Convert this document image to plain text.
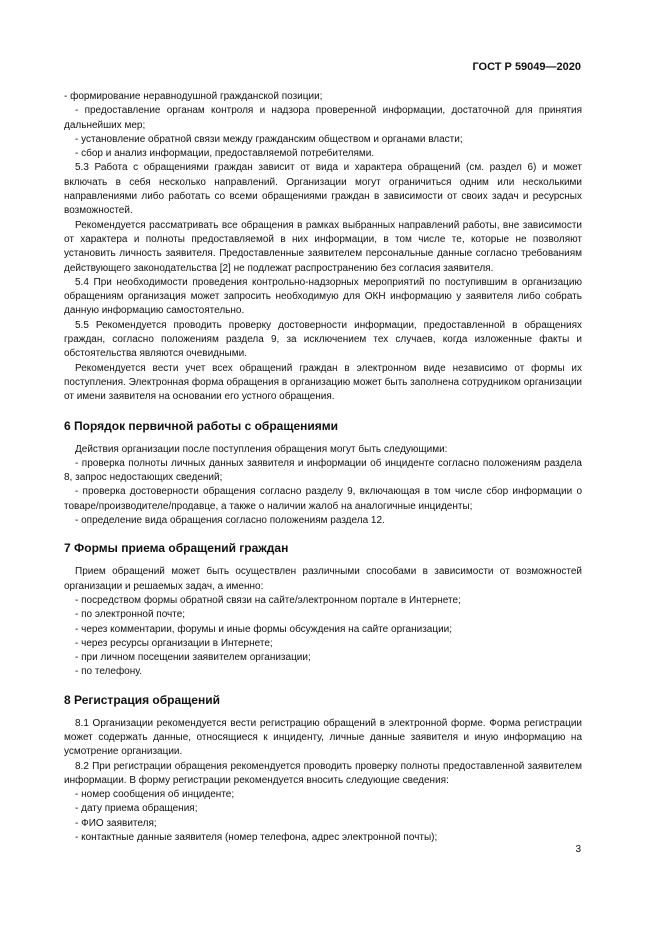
ГОСТ Р 59049—2020

- формирование неравнодушной гражданской позиции;

- предоставление органам контроля и надзора проверенной информации, достаточной для принятия дальнейших мер;

- установление обратной связи между гражданским обществом и органами власти;

- сбор и анализ информации, предоставляемой потребителями.

5.3 Работа с обращениями граждан зависит от вида и характера обращений (см. раздел 6) и может включать в себя несколько направлений. Организации могут ограничиться одним или несколькими направлениями либо работать со всеми обращениями граждан в зависимости от своих задач и ресурсных возможностей.

Рекомендуется рассматривать все обращения в рамках выбранных направлений работы, вне зависимости от характера и полноты предоставляемой в них информации, в том числе те, которые не позволяют установить личность заявителя. Предоставленные заявителем персональные данные согласно требованиям действующего законодательства [2] не подлежат распространению без согласия заявителя.

5.4 При необходимости проведения контрольно-надзорных мероприятий по поступившим в организацию обращениям организация может запросить необходимую для ОКН информацию у заявителя либо собрать данную информацию самостоятельно.

5.5 Рекомендуется проводить проверку достоверности информации, предоставленной в обращениях граждан, согласно положениям раздела 9, за исключением тех случаев, когда изложенные факты и обстоятельства являются очевидными.

Рекомендуется вести учет всех обращений граждан в электронном виде независимо от формы их поступления. Электронная форма обращения в организацию может быть заполнена сотрудником организации от имени заявителя на основании его устного обращения.

6 Порядок первичной работы с обращениями

Действия организации после поступления обращения могут быть следующими:

- проверка полноты личных данных заявителя и информации об инциденте согласно положениям раздела 8, запрос недостающих сведений;

- проверка достоверности обращения согласно разделу 9, включающая в том числе сбор информации о товаре/производителе/продавце, а также о наличии жалоб на аналогичные инциденты;

- определение вида обращения согласно положениям раздела 12.

7 Формы приема обращений граждан

Прием обращений может быть осуществлен различными способами в зависимости от возможностей организации и решаемых задач, а именно:

- посредством формы обратной связи на сайте/электронном портале в Интернете;

- по электронной почте;

- через комментарии, форумы и иные формы обсуждения на сайте организации;

- через ресурсы организации в Интернете;

- при личном посещении заявителем организации;

- по телефону.

8 Регистрация обращений

8.1 Организации рекомендуется вести регистрацию обращений в электронной форме. Форма регистрации может содержать данные, относящиеся к инциденту, личные данные заявителя и иную информацию на усмотрение организации.

8.2 При регистрации обращения рекомендуется проводить проверку полноты предоставленной заявителем информации. В форму регистрации рекомендуется вносить следующие сведения:

- номер сообщения об инциденте;

- дату приема обращения;

- ФИО заявителя;

- контактные данные заявителя (номер телефона, адрес электронной почты);

3
